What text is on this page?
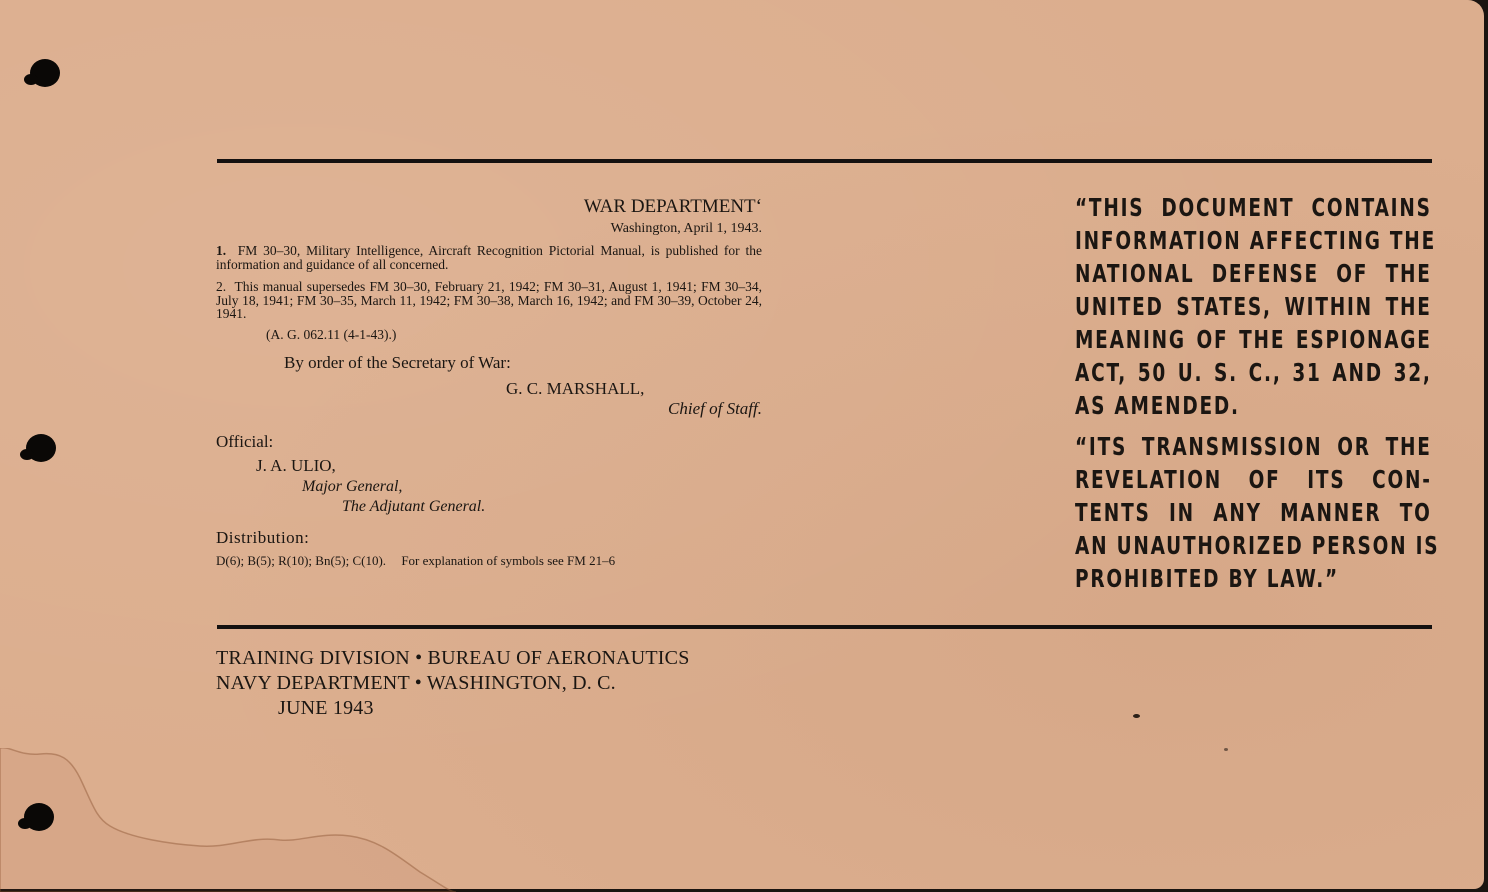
WAR DEPARTMENT‘
Washington, April 1, 1943.
1. FM 30–30, Military Intelligence, Aircraft Recognition Pictorial Manual, is published for the information and guidance of all concerned.
2. This manual supersedes FM 30–30, February 21, 1942; FM 30–31, August 1, 1941; FM 30–34, July 18, 1941; FM 30–35, March 11, 1942; FM 30–38, March 16, 1942; and FM 30–39, October 24, 1941.
(A. G. 062.11 (4-1-43).)
By order of the Secretary of War:
G. C. MARSHALL,
Chief of Staff.
Official:
J. A. ULIO,
Major General,
The Adjutant General.
Distribution:
D(6); B(5); R(10); Bn(5); C(10). For explanation of symbols see FM 21–6
“THIS DOCUMENT CONTAINS
INFORMATION AFFECTING THE
NATIONAL DEFENSE OF THE
UNITED STATES, WITHIN THE
MEANING OF THE ESPIONAGE
ACT, 50 U. S. C., 31 AND 32,
AS AMENDED.
“ITS TRANSMISSION OR THE
REVELATION OF ITS CON-
TENTS IN ANY MANNER TO
AN UNAUTHORIZED PERSON IS
PROHIBITED BY LAW.”
TRAINING DIVISION • BUREAU OF AERONAUTICS
NAVY DEPARTMENT • WASHINGTON, D. C.
JUNE 1943
